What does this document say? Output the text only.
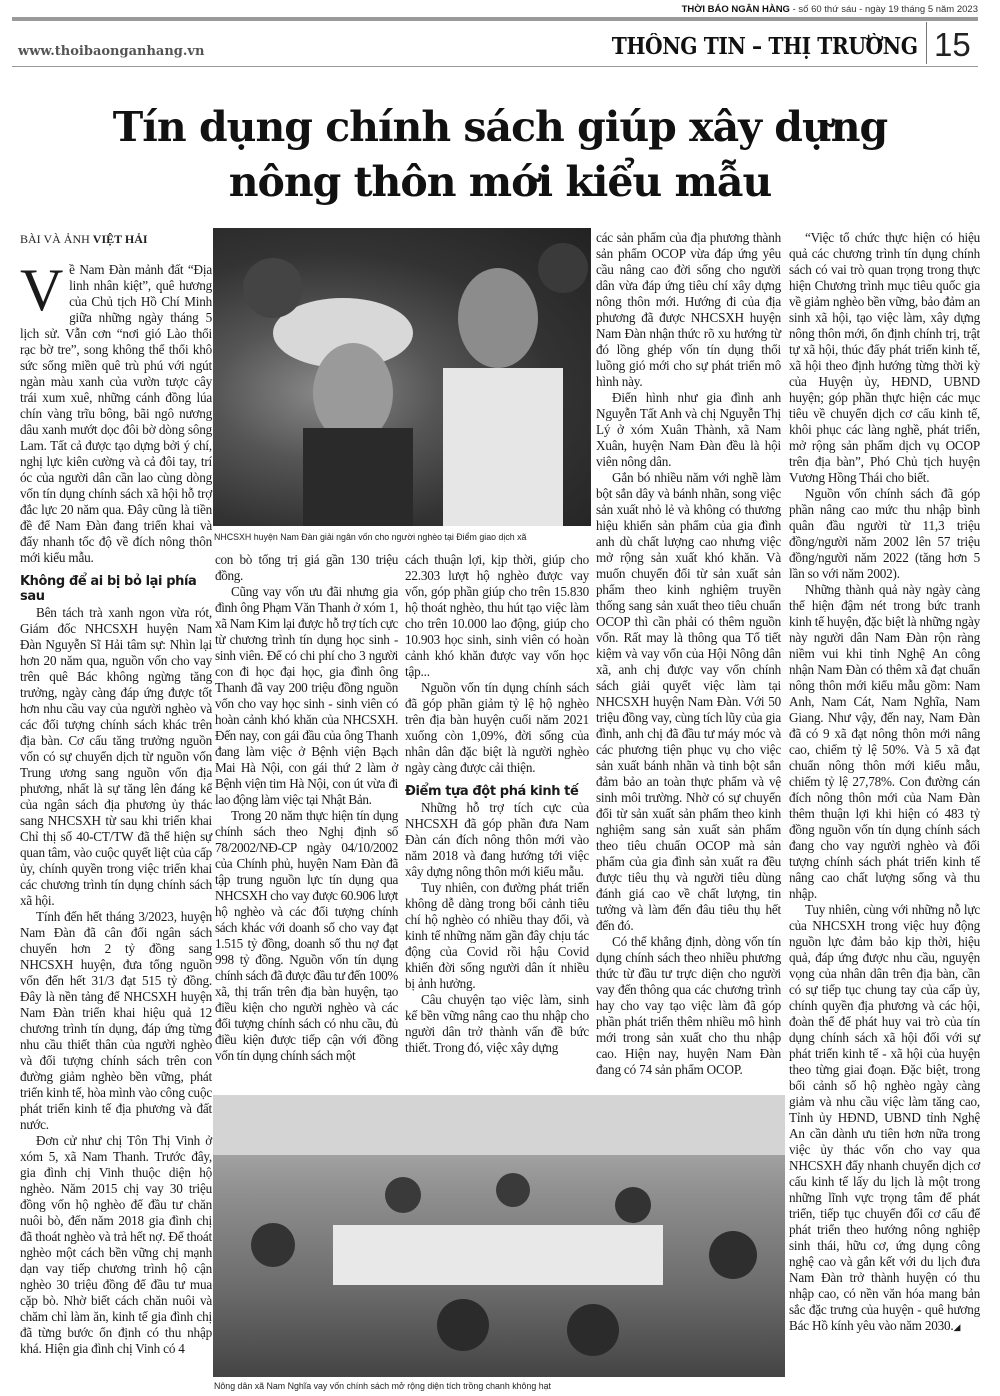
THỜI BÁO NGÂN HÀNG - số 60 thứ sáu - ngày 19 tháng 5 năm 2023
www.thoibaonganhang.vn	THÔNG TIN – THỊ TRƯỜNG 15
Tín dụng chính sách giúp xây dựng
nông thôn mới kiểu mẫu
BÀI VÀ ẢNH VIỆT HẢI

Về Nam Đàn mảnh đất “Địa linh nhân kiệt”, quê hương của Chủ tịch Hồ Chí Minh giữa những ngày tháng 5 lịch sử. Vẫn cơn “nơi gió Lào thổi rạc bờ tre”, song không thể thổi khô sức sống miền quê trù phú với ngút ngàn màu xanh của vườn tược cây trái xum xuê, những cánh đồng lúa chín vàng trĩu bông, bãi ngô nương dâu xanh mướt dọc đôi bờ dòng sông Lam. Tất cả được tạo dựng bởi ý chí, nghị lực kiên cường và cả đôi tay, trí óc của người dân cần lao cùng dòng vốn tín dụng chính sách xã hội hỗ trợ đắc lực 20 năm qua. Đây cũng là tiền đề để Nam Đàn đang triển khai và đẩy nhanh tốc độ về đích nông thôn mới kiểu mẫu.

Không để ai bị bỏ lại phía sau

Bên tách trà xanh ngon vừa rót, Giám đốc NHCSXH huyện Nam Đàn Nguyễn Sĩ Hải tâm sự: Nhìn lại hơn 20 năm qua, nguồn vốn cho vay trên quê Bác không ngừng tăng trưởng, ngày càng đáp ứng được tốt hơn nhu cầu vay của người nghèo và các đối tượng chính sách khác trên địa bàn. Cơ cấu tăng trưởng nguồn vốn có sự chuyển dịch từ nguồn vốn Trung ương sang nguồn vốn địa phương, nhất là sự tăng lên đáng kể của ngân sách địa phương ủy thác sang NHCSXH từ sau khi triển khai Chỉ thị số 40-CT/TW đã thể hiện sự quan tâm, vào cuộc quyết liệt của cấp ủy, chính quyền trong việc triển khai các chương trình tín dụng chính sách xã hội.

Tính đến hết tháng 3/2023, huyện Nam Đàn đã cân đối ngân sách chuyển hơn 2 tỷ đồng sang NHCSXH huyện, đưa tổng nguồn vốn đến hết 31/3 đạt 515 tỷ đồng. Đây là nền tảng để NHCSXH huyện Nam Đàn triển khai hiệu quả 12 chương trình tín dụng, đáp ứng từng nhu cầu thiết thân của người nghèo và đối tượng chính sách trên con đường giảm nghèo bền vững, phát triển kinh tế, hòa mình vào công cuộc phát triển kinh tế địa phương và đất nước.

Đơn cử như chị Tôn Thị Vinh ở xóm 5, xã Nam Thanh. Trước đây, gia đình chị Vinh thuộc diện hộ nghèo. Năm 2015 chị vay 30 triệu đồng vốn hộ nghèo để đầu tư chăn nuôi bò, đến năm 2018 gia đình chị đã thoát nghèo và trả hết nợ. Để thoát nghèo một cách bền vững chị mạnh dạn vay tiếp chương trình hộ cận nghèo 30 triệu đồng để đầu tư mua cặp bò. Nhờ biết cách chăn nuôi và chăm chỉ làm ăn, kinh tế gia đình chị đã từng bước ổn định có thu nhập khá. Hiện gia đình chị Vinh có 4

NHCSXH huyện Nam Đàn giải ngân vốn cho người nghèo tại Điểm giao dịch xã

con bò tổng trị giá gần 130 triệu đồng.

Cũng vay vốn ưu đãi nhưng gia đình ông Phạm Văn Thanh ở xóm 1, xã Nam Kim lại được hỗ trợ tích cực từ chương trình tín dụng học sinh - sinh viên. Để có chi phí cho 3 người con đi học đại học, gia đình ông Thanh đã vay 200 triệu đồng nguồn vốn cho vay học sinh - sinh viên có hoàn cảnh khó khăn của NHCSXH. Đến nay, con gái đầu của ông Thanh đang làm việc ở Bệnh viện Bạch Mai Hà Nội, con gái thứ 2 làm ở Bệnh viện tim Hà Nội, con út vừa đi lao động làm việc tại Nhật Bản.

Trong 20 năm thực hiện tín dụng chính sách theo Nghị định số 78/2002/NĐ-CP ngày 04/10/2002 của Chính phủ, huyện Nam Đàn đã tập trung nguồn lực tín dụng qua NHCSXH cho vay được 60.906 lượt hộ nghèo và các đối tượng chính sách khác với doanh số cho vay đạt 1.515 tỷ đồng, doanh số thu nợ đạt 998 tỷ đồng. Nguồn vốn tín dụng chính sách đã được đầu tư đến 100% xã, thị trấn trên địa bàn huyện, tạo điều kiện cho người nghèo và các đối tượng chính sách có nhu cầu, đủ điều kiện được tiếp cận với đồng vốn tín dụng chính sách một

cách thuận lợi, kịp thời, giúp cho 22.303 lượt hộ nghèo được vay vốn, góp phần giúp cho trên 15.830 hộ thoát nghèo, thu hút tạo việc làm cho trên 10.000 lao động, giúp cho 10.903 học sinh, sinh viên có hoàn cảnh khó khăn được vay vốn học tập...

Nguồn vốn tín dụng chính sách đã góp phần giảm tỷ lệ hộ nghèo trên địa bàn huyện cuối năm 2021 xuống còn 1,09%, đời sống của nhân dân đặc biệt là người nghèo ngày càng được cải thiện.

Điểm tựa đột phá kinh tế

Những hỗ trợ tích cực của NHCSXH đã góp phần đưa Nam Đàn cán đích nông thôn mới vào năm 2018 và đang hướng tới việc xây dựng nông thôn mới kiểu mẫu.

Tuy nhiên, con đường phát triển không dễ dàng trong bối cảnh tiêu chí hộ nghèo có nhiều thay đổi, và kinh tế những năm gần đây chịu tác động của Covid rồi hậu Covid khiến đời sống người dân ít nhiều bị ảnh hưởng.

Câu chuyện tạo việc làm, sinh kế bền vững nâng cao thu nhập cho người dân trở thành vấn đề bức thiết. Trong đó, việc xây dựng

các sản phẩm của địa phương thành sản phẩm OCOP vừa đáp ứng yêu cầu nâng cao đời sống cho người dân vừa đáp ứng tiêu chí xây dựng nông thôn mới. Hướng đi của địa phương đã được NHCSXH huyện Nam Đàn nhận thức rõ xu hướng từ đó lồng ghép vốn tín dụng thổi luồng gió mới cho sự phát triển mô hình này.

Điển hình như gia đình anh Nguyễn Tất Anh và chị Nguyễn Thị Lý ở xóm Xuân Thành, xã Nam Xuân, huyện Nam Đàn đều là hội viên nông dân.

Gắn bó nhiều năm với nghề làm bột sắn dây và bánh nhãn, song việc sản xuất nhỏ lẻ và không có thương hiệu khiến sản phẩm của gia đình anh dù chất lượng cao nhưng việc mở rộng sản xuất khó khăn. Và muốn chuyển đổi từ sản xuất sản phẩm theo kinh nghiệm truyền thống sang sản xuất theo tiêu chuẩn OCOP thì cần phải có thêm nguồn vốn. Rất may là thông qua Tổ tiết kiệm và vay vốn của Hội Nông dân xã, anh chị được vay vốn chính sách giải quyết việc làm tại NHCSXH huyện Nam Đàn. Với 50 triệu đồng vay, cùng tích lũy của gia đình, anh chị đã đầu tư máy móc và các phương tiện phục vụ cho việc sản xuất bánh nhãn và tinh bột sắn đảm bảo an toàn thực phẩm và vệ sinh môi trường. Nhờ có sự chuyển đổi từ sản xuất sản phẩm theo kinh nghiệm sang sản xuất sản phẩm theo tiêu chuẩn OCOP mà sản phẩm của gia đình sản xuất ra đều được tiêu thụ và người tiêu dùng đánh giá cao về chất lượng, tin tưởng và làm đến đâu tiêu thụ hết đến đó.

Có thể khẳng định, dòng vốn tín dụng chính sách theo nhiều phương thức từ đầu tư trực diện cho người vay đến thông qua các chương trình hay cho vay tạo việc làm đã góp phần phát triển thêm nhiều mô hình mới trong sản xuất cho thu nhập cao. Hiện nay, huyện Nam Đàn đang có 74 sản phẩm OCOP.

“Việc tổ chức thực hiện có hiệu quả các chương trình tín dụng chính sách có vai trò quan trọng trong thực hiện Chương trình mục tiêu quốc gia về giảm nghèo bền vững, bảo đảm an sinh xã hội, tạo việc làm, xây dựng nông thôn mới, ổn định chính trị, trật tự xã hội, thúc đẩy phát triển kinh tế, xã hội theo định hướng từng thời kỳ của Huyện ủy, HĐND, UBND huyện; góp phần thực hiện các mục tiêu về chuyển dịch cơ cấu kinh tế, khôi phục các làng nghề, phát triển, mở rộng sản phẩm dịch vụ OCOP trên địa bàn”, Phó Chủ tịch huyện Vương Hồng Thái cho biết.

Nguồn vốn chính sách đã góp phần nâng cao mức thu nhập bình quân đầu người từ 11,3 triệu đồng/người năm 2002 lên 57 triệu đồng/người năm 2022 (tăng hơn 5 lần so với năm 2002).

Những thành quả này ngày càng thể hiện đậm nét trong bức tranh kinh tế huyện, đặc biệt là những ngày này người dân Nam Đàn rộn ràng niềm vui khi tỉnh Nghệ An công nhận Nam Đàn có thêm xã đạt chuẩn nông thôn mới kiểu mẫu gồm: Nam Anh, Nam Cát, Nam Nghĩa, Nam Giang. Như vậy, đến nay, Nam Đàn đã có 9 xã đạt nông thôn mới nâng cao, chiếm tỷ lệ 50%. Và 5 xã đạt chuẩn nông thôn mới kiểu mẫu, chiếm tỷ lệ 27,78%. Con đường cán đích nông thôn mới của Nam Đàn thêm thuận lợi khi hiện có 483 tỷ đồng nguồn vốn tín dụng chính sách đang cho vay người nghèo và đối tượng chính sách phát triển kinh tế nâng cao chất lượng sống và thu nhập.

Tuy nhiên, cùng với những nỗ lực của NHCSXH trong việc huy động nguồn lực đảm bảo kịp thời, hiệu quả, đáp ứng được nhu cầu, nguyện vọng của nhân dân trên địa bàn, cần có sự tiếp tục chung tay của cấp ủy, chính quyền địa phương và các hội, đoàn thể để phát huy vai trò của tín dụng chính sách xã hội đối với sự phát triển kinh tế - xã hội của huyện theo từng giai đoạn. Đặc biệt, trong bối cảnh số hộ nghèo ngày càng giảm và nhu cầu việc làm tăng cao, Tỉnh ủy HĐND, UBND tỉnh Nghệ An cần dành ưu tiên hơn nữa trong việc ủy thác vốn cho vay qua NHCSXH đẩy nhanh chuyển dịch cơ cấu kinh tế lấy du lịch là một trong những lĩnh vực trọng tâm để phát triển, tiếp tục chuyển đổi cơ cấu để phát triển theo hướng nông nghiệp sinh thái, hữu cơ, ứng dụng công nghệ cao và gắn kết với du lịch đưa Nam Đàn trở thành huyện có thu nhập cao, có nền văn hóa mang bản sắc đặc trưng của huyện - quê hương Bác Hồ kính yêu vào năm 2030.◢

Nông dân xã Nam Nghĩa vay vốn chính sách mở rộng diện tích trồng chanh không hạt
